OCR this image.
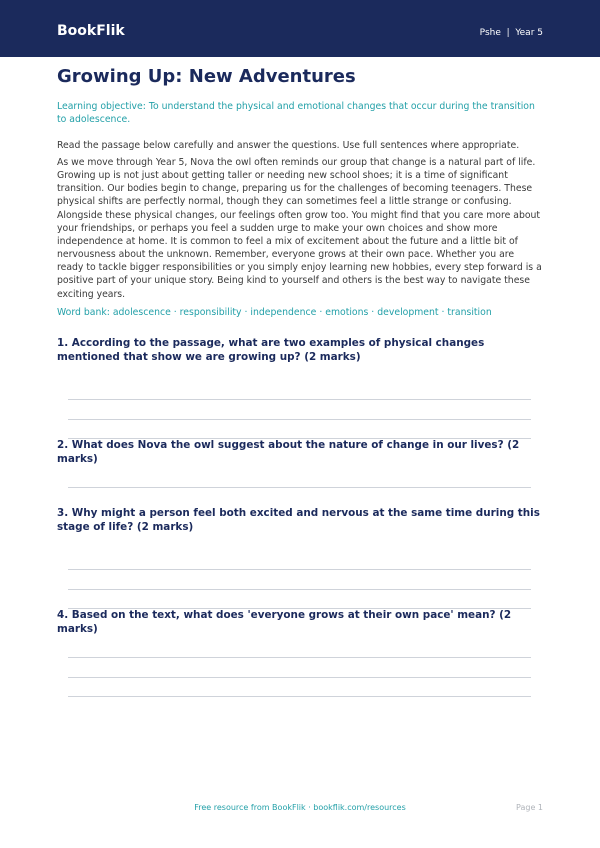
BookFlik	Pshe  |  Year 5
Growing Up: New Adventures

Learning objective: To understand the physical and emotional changes that occur during the transition to adolescence.

Read the passage below carefully and answer the questions. Use full sentences where appropriate.

As we move through Year 5, Nova the owl often reminds our group that change is a natural part of life. Growing up is not just about getting taller or needing new school shoes; it is a time of significant transition. Our bodies begin to change, preparing us for the challenges of becoming teenagers. These physical shifts are perfectly normal, though they can sometimes feel a little strange or confusing. Alongside these physical changes, our feelings often grow too. You might find that you care more about your friendships, or perhaps you feel a sudden urge to make your own choices and show more independence at home. It is common to feel a mix of excitement about the future and a little bit of nervousness about the unknown. Remember, everyone grows at their own pace. Whether you are ready to tackle bigger responsibilities or you simply enjoy learning new hobbies, every step forward is a positive part of your unique story. Being kind to yourself and others is the best way to navigate these exciting years.

Word bank: adolescence · responsibility · independence · emotions · development · transition

1. According to the passage, what are two examples of physical changes mentioned that show we are growing up? (2 marks)

2. What does Nova the owl suggest about the nature of change in our lives? (2 marks)

3. Why might a person feel both excited and nervous at the same time during this stage of life? (2 marks)

4. Based on the text, what does 'everyone grows at their own pace' mean? (2 marks)

Free resource from BookFlik · bookflik.com/resources	Page 1
